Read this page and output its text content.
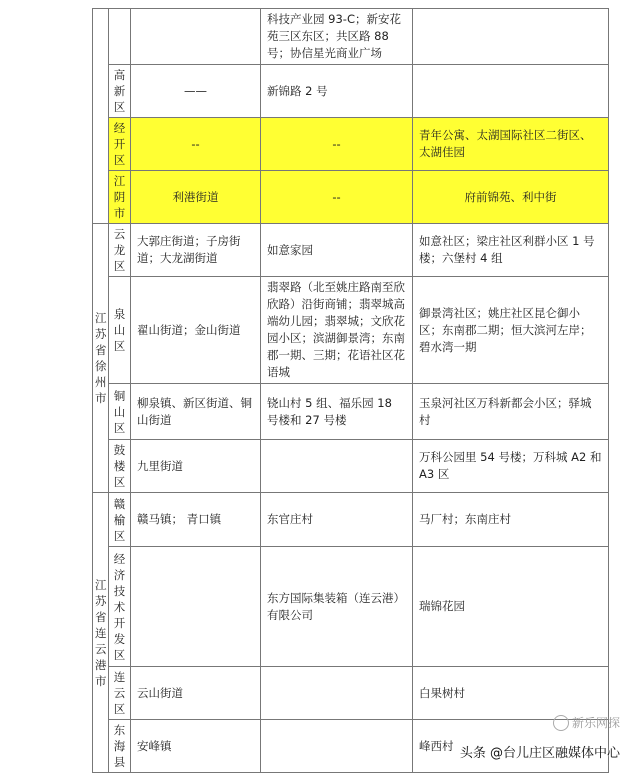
			科技产业园 93-C；新安花苑三区东区；共区路 88 号；协信星光商业广场	
	高新区	——	新锦路 2 号	
	经开区	--	--	青年公寓、太湖国际社区二街区、太湖佳园
	江阴市	利港街道	--	府前锦苑、利中街
江苏省徐州市	云龙区	大郭庄街道；子房街道；大龙湖街道	如意家园	如意社区；梁庄社区利群小区 1 号楼；六堡村 4 组
	泉山区	翟山街道；金山街道	翡翠路（北至姚庄路南至欣欣路）沿街商铺；翡翠城高端幼儿园；翡翠城；文欣花园小区；滨湖御景湾；东南郡一期、三期；花语社区花语城	御景湾社区；姚庄社区昆仑御小区；东南郡二期；恒大滨河左岸；碧水湾一期
	铜山区	柳泉镇、新区街道、铜山街道	铙山村 5 组、福乐园 18 号楼和 27 号楼	玉泉河社区万科新都会小区；驿城村
	鼓楼区	九里街道		万科公园里 54 号楼；万科城 A2 和 A3 区
江苏省连云港市	赣榆区	赣马镇； 青口镇	东官庄村	马厂村；东南庄村
	经济技术开发区		东方国际集装箱（连云港）有限公司	瑞锦花园
	连云区	云山街道		白果树村
	东海县	安峰镇		峰西村
新乐网探
头条 @台儿庄区融媒体中心
